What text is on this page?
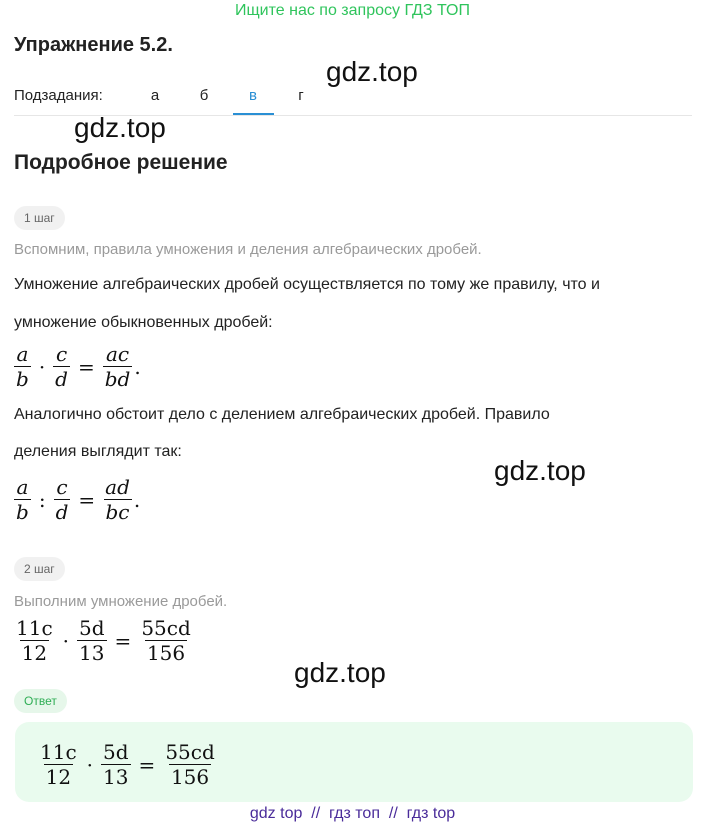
Ищите нас по запросу ГДЗ ТОП
Упражнение 5.2.
Подзадания:	а	б	в	г
gdz.top
gdz.top
Подробное решение
1 шаг
Вспомним, правила умножения и деления алгебраических дробей.
Умножение алгебраических дробей осуществляется по тому же правилу, что и
умножение обыкновенных дробей:
$\frac{a}{b} \cdot \frac{c}{d} = \frac{ac}{bd}$ .
Аналогично обстоит дело с делением алгебраических дробей. Правило
деления выглядит так:
gdz.top
$\frac{a}{b}$ : $\frac{c}{d} = \frac{ad}{bc}$ .
2 шаг
Выполним умножение дробей.
$\frac{11c}{12} \cdot \frac{5d}{13} = \frac{55cd}{156}$
gdz.top
Ответ
$\frac{11c}{12} \cdot \frac{5d}{13} = \frac{55cd}{156}$
gdz top  //  гдз топ  //  гдз top
